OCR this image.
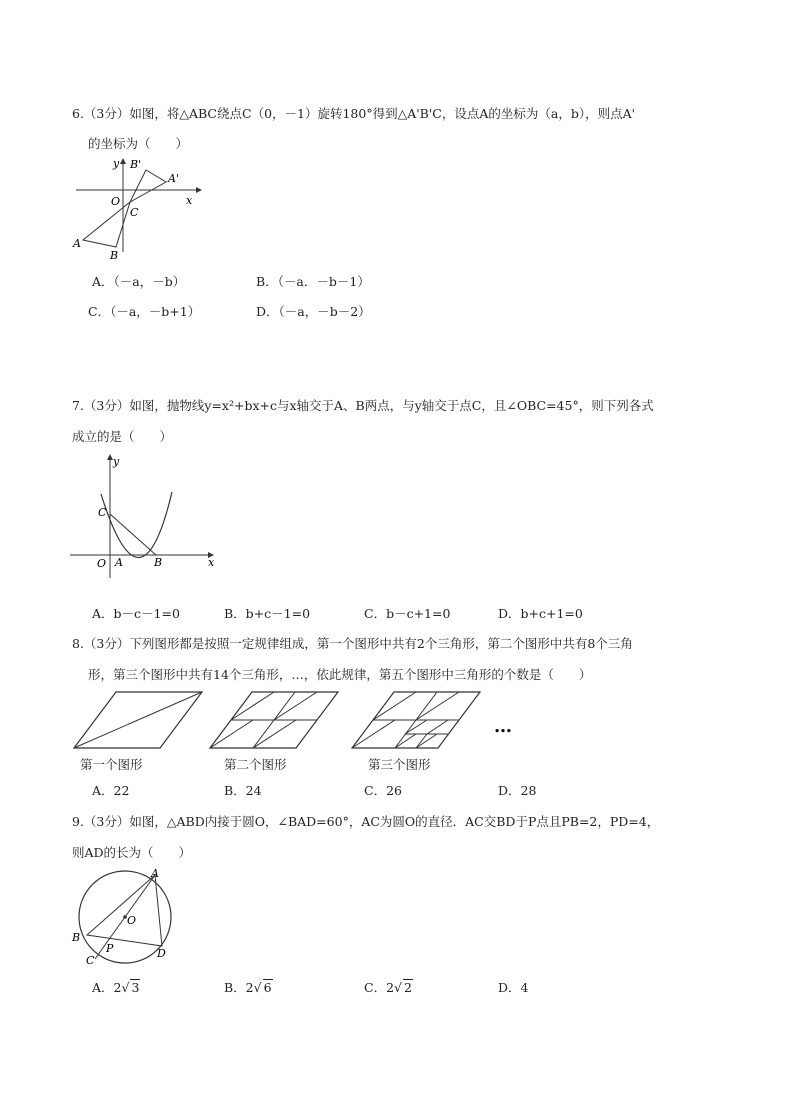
6.（3分）如图，将△ABC绕点C（0，－1）旋转180°得到△A'B'C，设点A的坐标为（a，b），则点A'
的坐标为（　　）
y B'
A'
O
C
x
A
B
A．（－a，－b）	B．（－a．－b－1）
C．（－a，－b+1）	D．（－a，－b－2）
7.（3分）如图，抛物线y=x²+bx+c与x轴交于A、B两点，与y轴交于点C，且∠OBC=45°，则下列各式
成立的是（　　）
y
C
O A	B	x
A．b－c－1=0	B．b+c－1=0	C．b－c+1=0	D．b+c+1=0
8.（3分）下列图形都是按照一定规律组成，第一个图形中共有2个三角形，第二个图形中共有8个三角
形，第三个图形中共有14个三角形，…，依此规律，第五个图形中三角形的个数是（　　）
…
第一个图形	第二个图形	第三个图形
A．22	B．24	C．26	D．28
9.（3分）如图，△ABD内接于圆O，∠BAD=60°，AC为圆O的直径．AC交BD于P点且PB=2，PD=4，
则AD的长为（　　）
A
O
B
P
C
D
A．2√ 3	B．2√ 6	C．2√ 2	D．4
